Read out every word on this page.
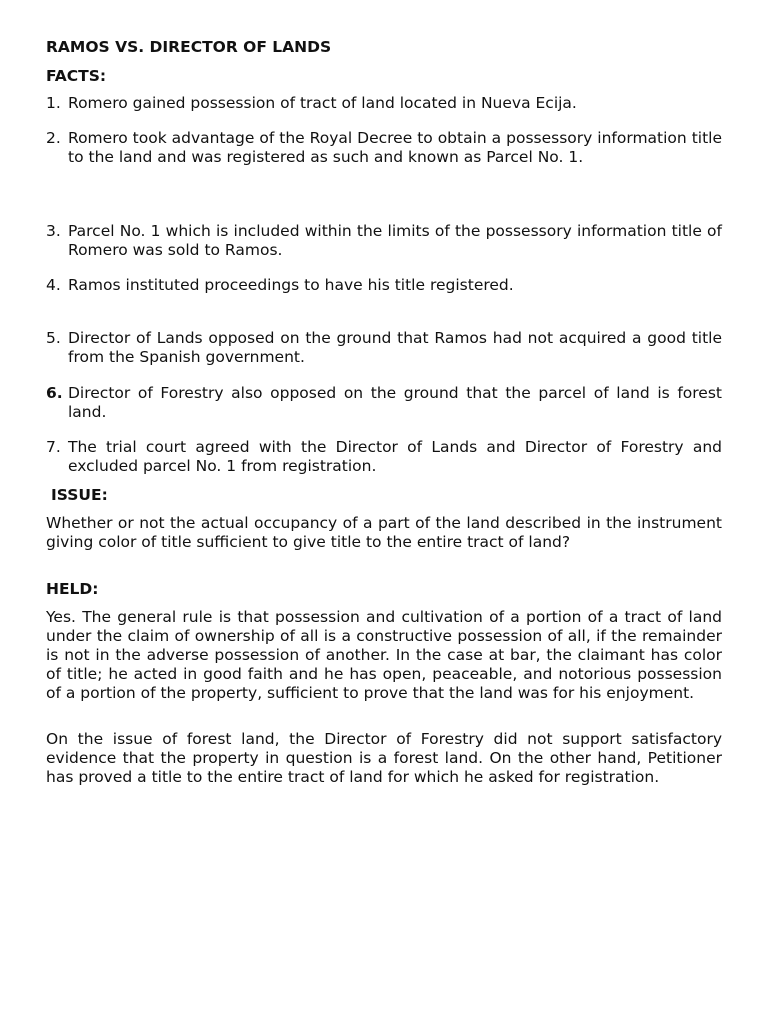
RAMOS VS. DIRECTOR OF LANDS
FACTS:
1. Romero gained possession of tract of land located in Nueva Ecija.
2. Romero took advantage of the Royal Decree to obtain a possessory information title to the land and was registered as such and known as Parcel No. 1.
3. Parcel No. 1 which is included within the limits of the possessory information title of Romero was sold to Ramos.
4. Ramos instituted proceedings to have his title registered.
5. Director of Lands opposed on the ground that Ramos had not acquired a good title from the Spanish government.
6. Director of Forestry also opposed on the ground that the parcel of land is forest land.
7. The trial court agreed with the Director of Lands and Director of Forestry and excluded parcel No. 1 from registration.
ISSUE:
Whether or not the actual occupancy of a part of the land described in the instrument giving color of title sufficient to give title to the entire tract of land?
HELD:
Yes. The general rule is that possession and cultivation of a portion of a tract of land under the claim of ownership of all is a constructive possession of all, if the remainder is not in the adverse possession of another. In the case at bar, the claimant has color of title; he acted in good faith and he has open, peaceable, and notorious possession of a portion of the property, sufficient to prove that the land was for his enjoyment.
On the issue of forest land, the Director of Forestry did not support satisfactory evidence that the property in question is a forest land. On the other hand, Petitioner has proved a title to the entire tract of land for which he asked for registration.
